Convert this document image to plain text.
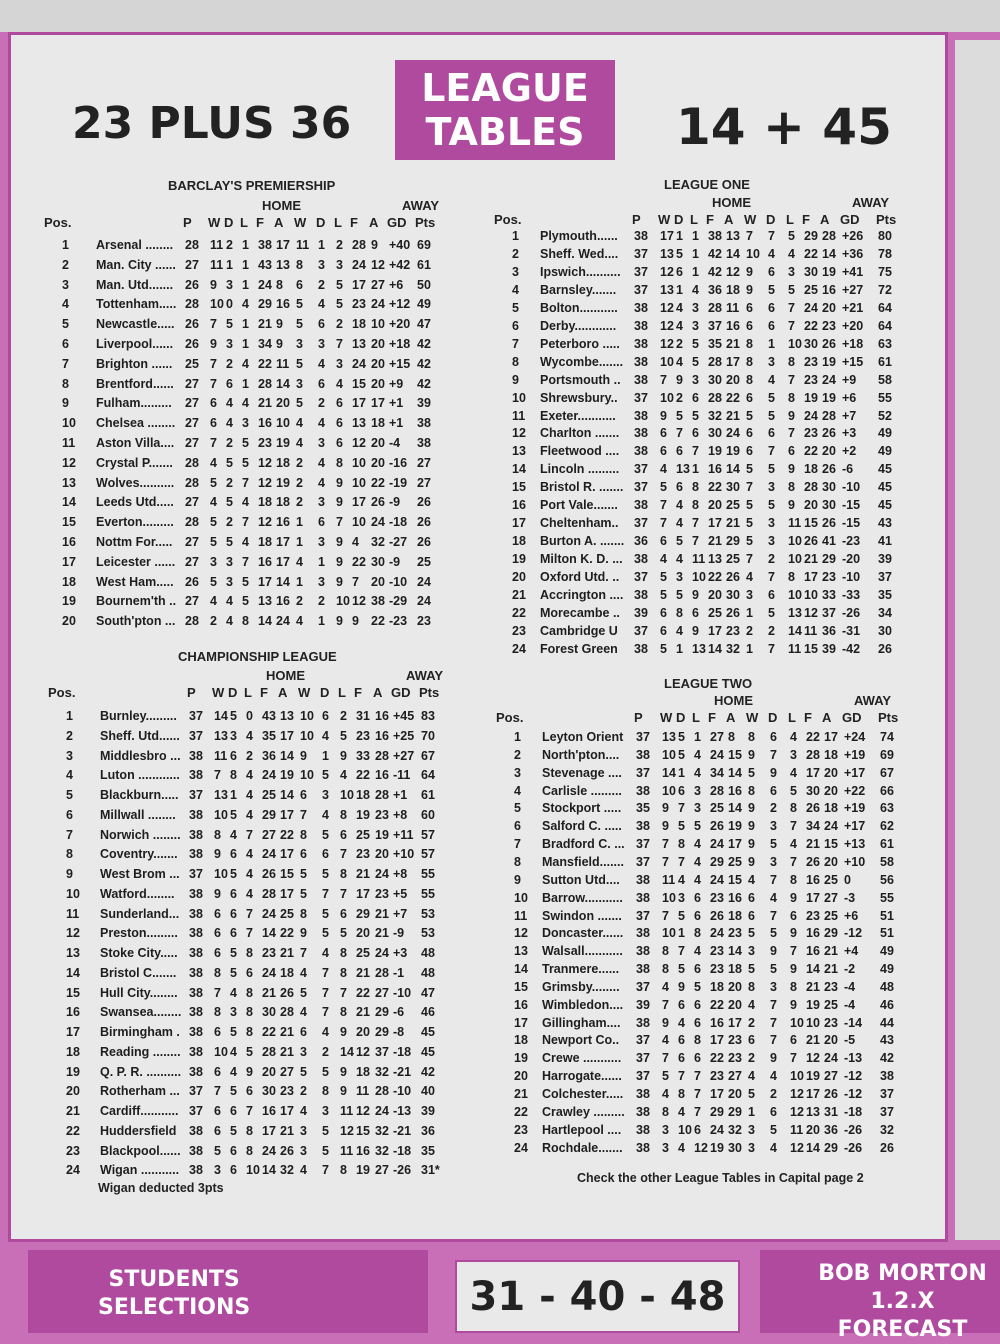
23 PLUS 36
LEAGUE
TABLES	14 + 45
BARCLAY'S PREMIERSHIP
HOME	AWAY
Pos.	P W D L F A W D L F A GD Pts
1 Arsenal ........ 28 11 2 1 38 17 11 1 2 28 9 +40 69
2 Man. City ...... 27 11 1 1 43 13 8 3 3 24 12 +42 61
3 Man. Utd....... 26 9 3 1 24 8 6 2 5 17 27 +6 50
4 Tottenham..... 28 10 0 4 29 16 5 4 5 23 24 +12 49
5 Newcastle..... 26 7 5 1 21 9 5 6 2 18 10 +20 47
6 Liverpool...... 26 9 3 1 34 9 3 3 7 13 20 +18 42
7 Brighton ...... 25 7 2 4 22 11 5 4 3 24 20 +15 42
8 Brentford...... 27 7 6 1 28 14 3 6 4 15 20 +9 42
9 Fulham......... 27 6 4 4 21 20 5 2 6 17 17 +1 39
10 Chelsea ........ 27 6 4 3 16 10 4 4 6 13 18 +1 38
11 Aston Villa.... 27 7 2 5 23 19 4 3 6 12 20 -4 38
12 Crystal P....... 28 4 5 5 12 18 2 4 8 10 20 -16 27
13 Wolves.......... 28 5 2 7 12 19 2 4 9 10 22 -19 27
14 Leeds Utd..... 27 4 5 4 18 18 2 3 9 17 26 -9 26
15 Everton......... 28 5 2 7 12 16 1 6 7 10 24 -18 26
16 Nottm For..... 27 5 5 4 18 17 1 3 9 4 32 -27 26
17 Leicester ...... 27 3 3 7 16 17 4 1 9 22 30 -9 25
18 West Ham..... 26 5 3 5 17 14 1 3 9 7 20 -10 24
19 Bournem'th .. 27 4 4 5 13 16 2 2 10 12 38 -29 24
20 South'pton ... 28 2 4 8 14 24 4 1 9 9 22 -23 23
CHAMPIONSHIP LEAGUE
HOME	AWAY
Pos.	P W D L F A W D L F A GD Pts
1 Burnley......... 37 14 5 0 43 13 10 6 2 31 16 +45 83
2 Sheff. Utd...... 37 13 3 4 35 17 10 4 5 23 16 +25 70
3 Middlesbro ... 38 11 6 2 36 14 9 1 9 33 28 +27 67
4 Luton ............ 38 7 8 4 24 19 10 5 4 22 16 -11 64
5 Blackburn..... 37 13 1 4 25 14 6 3 10 18 28 +1 61
6 Millwall ........ 38 10 5 4 29 17 7 4 8 19 23 +8 60
7 Norwich ........ 38 8 4 7 27 22 8 5 6 25 19 +11 57
8 Coventry....... 38 9 6 4 24 17 6 6 7 23 20 +10 57
9 West Brom ... 37 10 5 4 26 15 5 5 8 21 24 +8 55
10 Watford........ 38 9 6 4 28 17 5 7 7 17 23 +5 55
11 Sunderland... 38 6 6 7 24 25 8 5 6 29 21 +7 53
12 Preston......... 38 6 6 7 14 22 9 5 5 20 21 -9 53
13 Stoke City..... 38 6 5 8 23 21 7 4 8 25 24 +3 48
14 Bristol C....... 38 8 5 6 24 18 4 7 8 21 28 -1 48
15 Hull City........ 38 7 4 8 21 26 5 7 7 22 27 -10 47
16 Swansea........ 38 8 3 8 30 28 4 7 8 21 29 -6 46
17 Birmingham . 38 6 5 8 22 21 6 4 9 20 29 -8 45
18 Reading ........ 38 10 4 5 28 21 3 2 14 12 37 -18 45
19 Q. P. R. .......... 38 6 4 9 20 27 5 5 9 18 32 -21 42
20 Rotherham ... 37 7 5 6 30 23 2 8 9 11 28 -10 40
21 Cardiff........... 37 6 6 7 16 17 4 3 11 12 24 -13 39
22 Huddersfield 38 6 5 8 17 21 3 5 12 15 32 -21 36
23 Blackpool...... 38 5 6 8 24 26 3 5 11 16 32 -18 35
24 Wigan ........... 38 3 6 10 14 32 4 7 8 19 27 -26 31*
LEAGUE ONE
HOME	AWAY
Pos.	P W D L F A W D L F A GD Pts
1 Plymouth...... 38 17 1 1 38 13 7 7 5 29 28 +26 80
2 Sheff. Wed.... 37 13 5 1 42 14 10 4 4 22 14 +36 78
3 Ipswich.......... 37 12 6 1 42 12 9 6 3 30 19 +41 75
4 Barnsley....... 37 13 1 4 36 18 9 5 5 25 16 +27 72
5 Bolton........... 38 12 4 3 28 11 6 6 7 24 20 +21 64
6 Derby............ 38 12 4 3 37 16 6 6 7 22 23 +20 64
7 Peterboro ..... 38 12 2 5 35 21 8 1 10 30 26 +18 63
8 Wycombe....... 38 10 4 5 28 17 8 3 8 23 19 +15 61
9 Portsmouth .. 38 7 9 3 30 20 8 4 7 23 24 +9 58
10 Shrewsbury.. 37 10 2 6 28 22 6 5 8 19 19 +6 55
11 Exeter........... 38 9 5 5 32 21 5 5 9 24 28 +7 52
12 Charlton ....... 38 6 7 6 30 24 6 6 7 23 26 +3 49
13 Fleetwood .... 38 6 6 7 19 19 6 7 6 22 20 +2 49
14 Lincoln ......... 37 4 13 1 16 14 5 5 9 18 26 -6 45
15 Bristol R. ....... 37 5 6 8 22 30 7 3 8 28 30 -10 45
16 Port Vale....... 38 7 4 8 20 25 5 5 9 20 30 -15 45
17 Cheltenham.. 37 7 4 7 17 21 5 3 11 15 26 -15 43
18 Burton A. ....... 36 6 5 7 21 29 5 3 10 26 41 -23 41
19 Milton K. D. ... 38 4 4 11 13 25 7 2 10 21 29 -20 39
20 Oxford Utd. .. 37 5 3 10 22 26 4 7 8 17 23 -10 37
21 Accrington .... 38 5 5 9 20 30 3 6 10 10 33 -33 35
22 Morecambe .. 39 6 8 6 25 26 1 5 13 12 37 -26 34
23 Cambridge U 37 6 4 9 17 23 2 2 14 11 36 -31 30
24 Forest Green 38 5 1 13 14 32 1 7 11 15 39 -42 26
LEAGUE TWO
HOME	AWAY
Pos.	P W D L F A W D L F A GD Pts
1 Leyton Orient 37 13 5 1 27 8 8 6 4 22 17 +24 74
2 North'pton.... 38 10 5 4 24 15 9 7 3 28 18 +19 69
3 Stevenage .... 37 14 1 4 34 14 5 9 4 17 20 +17 67
4 Carlisle ......... 38 10 6 3 28 16 8 6 5 30 20 +22 66
5 Stockport ..... 35 9 7 3 25 14 9 2 8 26 18 +19 63
6 Salford C. ..... 38 9 5 5 26 19 9 3 7 34 24 +17 62
7 Bradford C. ... 37 7 8 4 24 17 9 5 4 21 15 +13 61
8 Mansfield....... 37 7 7 4 29 25 9 3 7 26 20 +10 58
9 Sutton Utd.... 38 11 4 4 24 15 4 7 8 16 25 0 56
10 Barrow........... 38 10 3 6 23 16 6 4 9 17 27 -3 55
11 Swindon ....... 37 7 5 6 26 18 6 7 6 23 25 +6 51
12 Doncaster...... 38 10 1 8 24 23 5 5 9 16 29 -12 51
13 Walsall........... 38 8 7 4 23 14 3 9 7 16 21 +4 49
14 Tranmere...... 38 8 5 6 23 18 5 5 9 14 21 -2 49
15 Grimsby........ 37 4 9 5 18 20 8 3 8 21 23 -4 48
16 Wimbledon.... 39 7 6 6 22 20 4 7 9 19 25 -4 46
17 Gillingham.... 38 9 4 6 16 17 2 7 10 10 23 -14 44
18 Newport Co.. 37 4 6 8 17 23 6 7 6 21 20 -5 43
19 Crewe ........... 37 7 6 6 22 23 2 9 7 12 24 -13 42
20 Harrogate...... 37 5 7 7 23 27 4 4 10 19 27 -12 38
21 Colchester..... 38 4 8 7 17 20 5 2 12 17 26 -12 37
22 Crawley ......... 38 8 4 7 29 29 1 6 12 13 31 -18 37
23 Hartlepool .... 38 3 10 6 24 32 3 5 11 20 36 -26 32
24 Rochdale....... 38 3 4 12 19 30 3 4 12 14 29 -26 26
Wigan deducted 3pts
Check the other League Tables in Capital page 2
STUDENTS
SELECTIONS	31 - 40 - 48
BOB MORTON
1.2.X FORECAST
